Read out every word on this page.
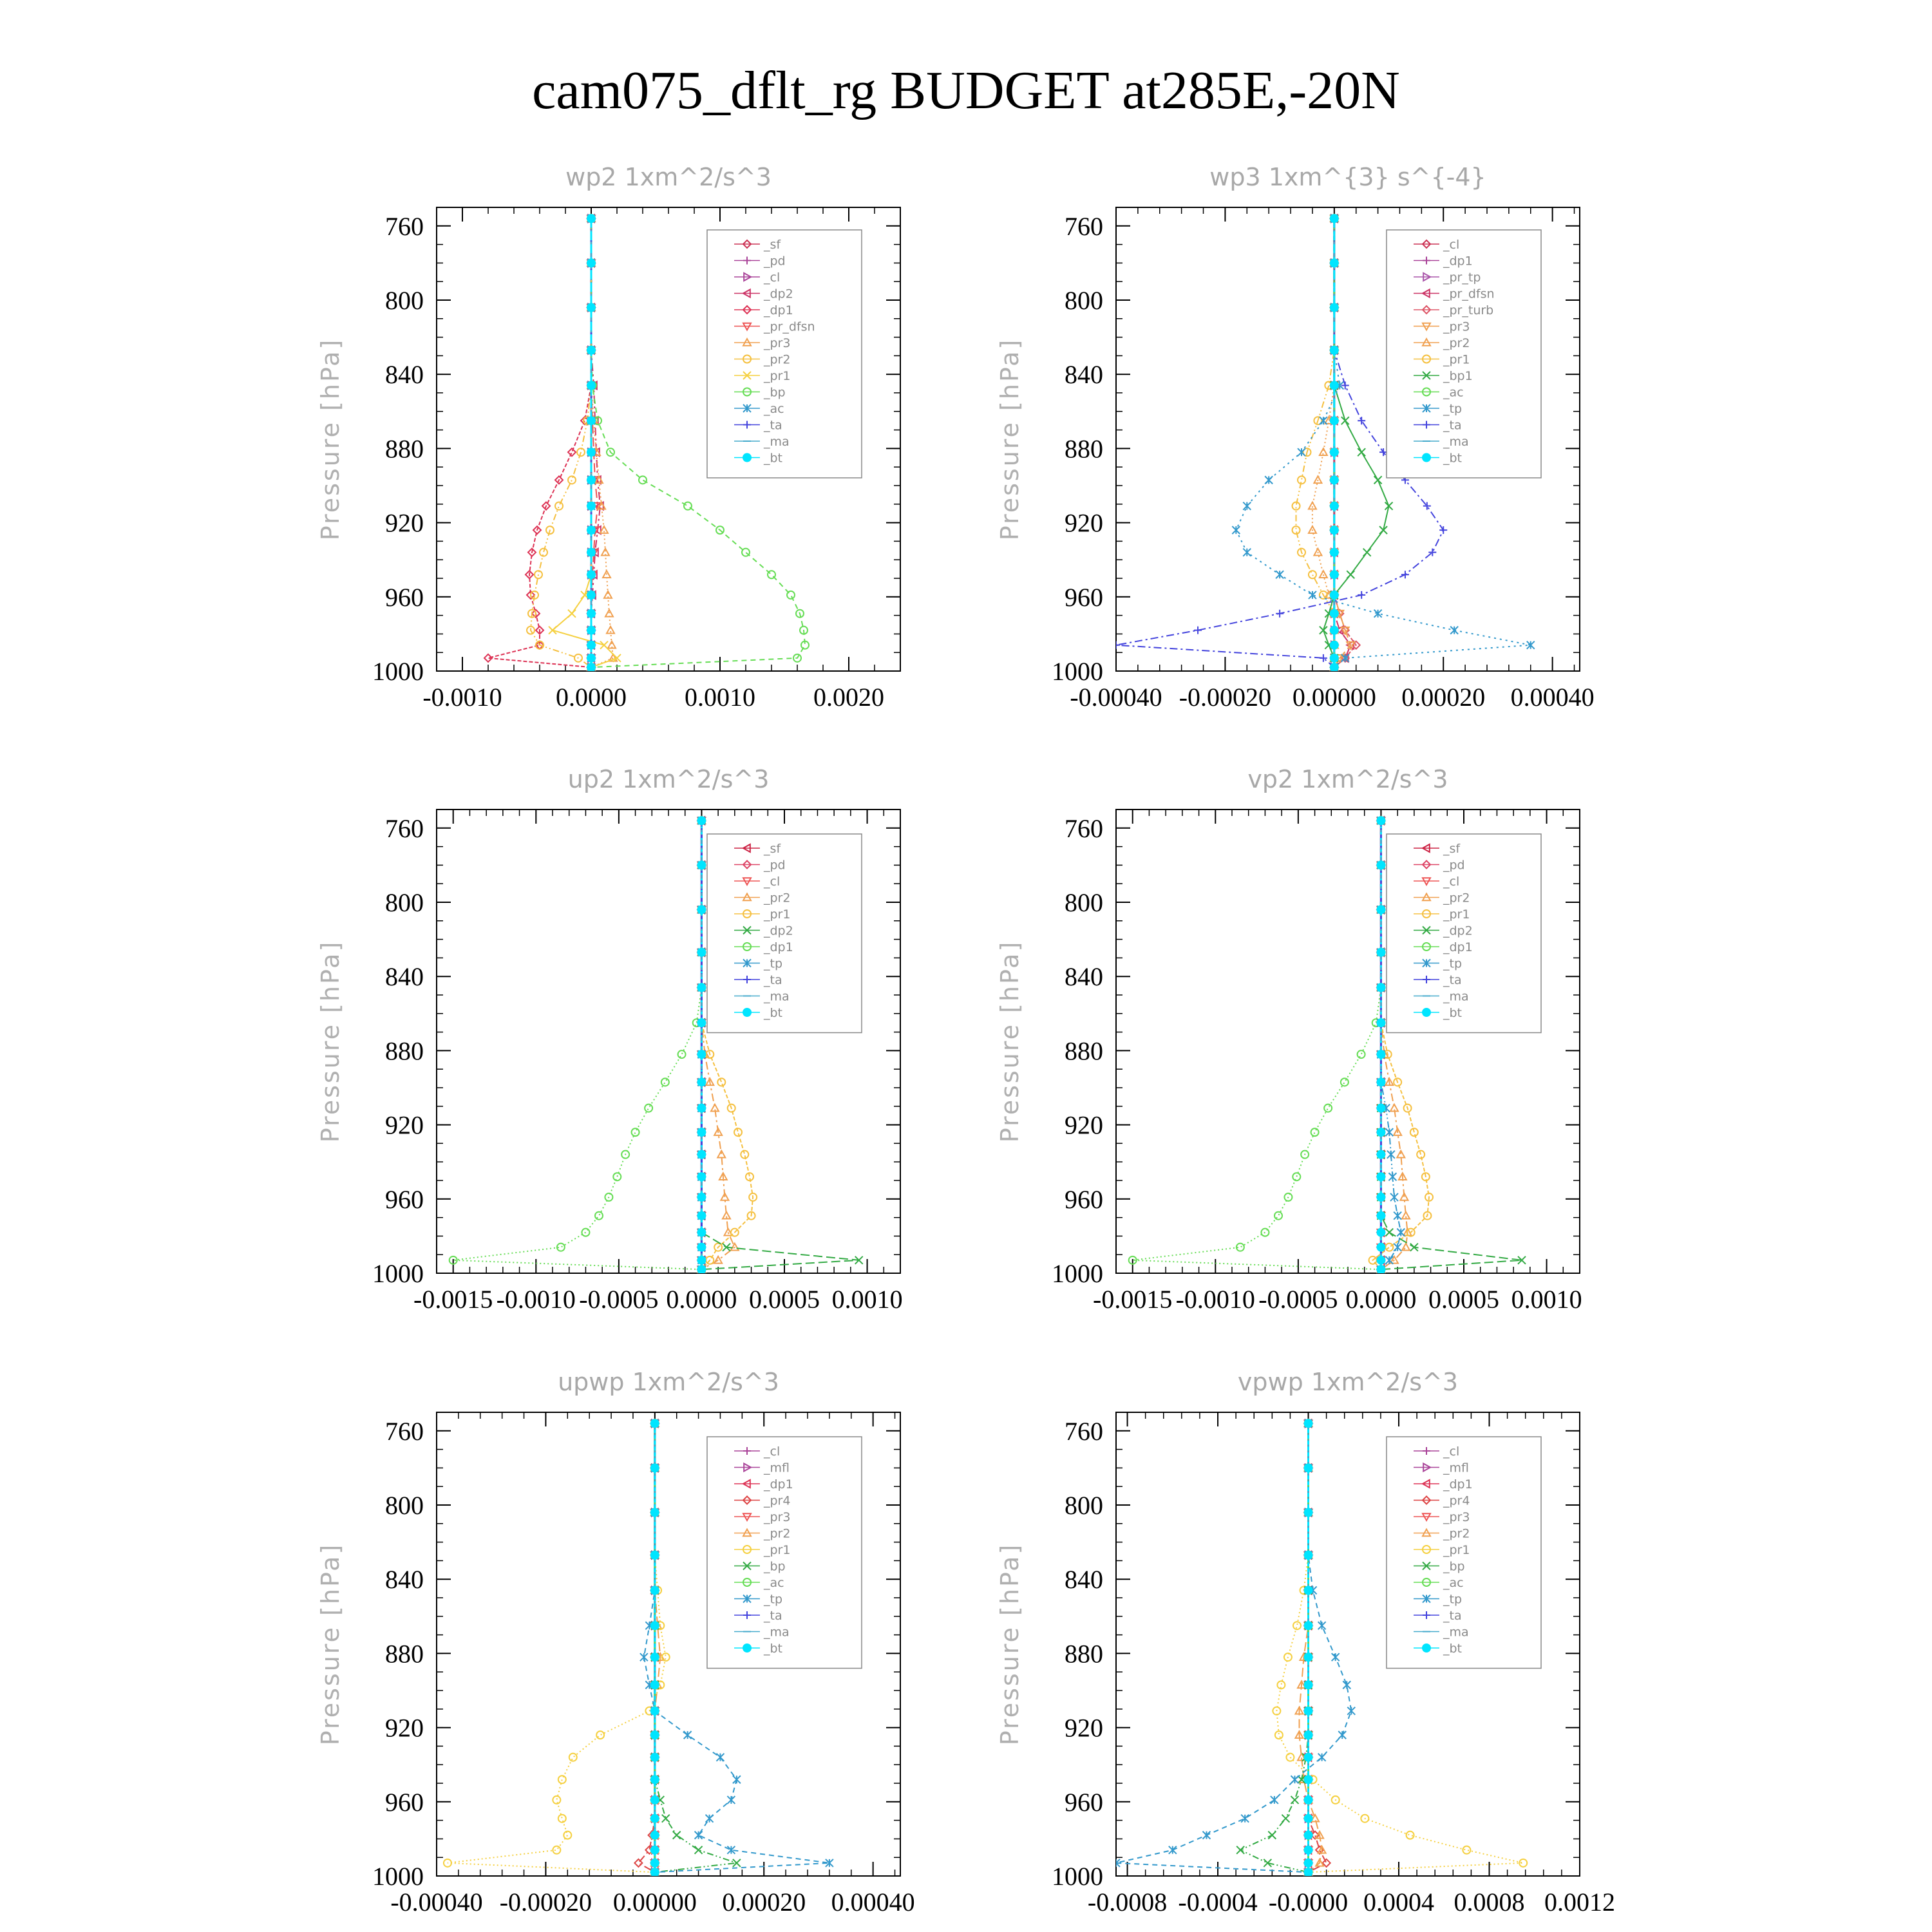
cam075_dflt_rg BUDGET at285E,-20N
wp2 1xm^2/s^3
Pressure [hPa]
760
800
840
880
920
960
1000
-0.0010 0.0000 0.0010 0.0020
_sf
_pd
_cl
_dp2
_dp1
_pr_dfsn
_pr3
_pr2
_pr1
_bp
_ac
_ta
_ma
_bt
wp3 1xm^{3} s^{-4}
Pressure [hPa]
760
800
840
880
920
960
1000
-0.00040 -0.00020 0.00000 0.00020 0.00040
_cl
_dp1
_pr_tp
_pr_dfsn
_pr_turb
_pr3
_pr2
_pr1
_bp1
_ac
_tp
_ta
_ma
_bt
up2 1xm^2/s^3
Pressure [hPa]
760
800
840
880
920
960
1000
-0.0015 -0.0010 -0.0005 0.0000 0.0005 0.0010
_sf
_pd
_cl
_pr2
_pr1
_dp2
_dp1
_tp
_ta
_ma
_bt
vp2 1xm^2/s^3
Pressure [hPa]
760
800
840
880
920
960
1000
-0.0015 -0.0010 -0.0005 0.0000 0.0005 0.0010
_sf
_pd
_cl
_pr2
_pr1
_dp2
_dp1
_tp
_ta
_ma
_bt
upwp 1xm^2/s^3
Pressure [hPa]
760
800
840
880
920
960
1000
-0.00040 -0.00020 0.00000 0.00020 0.00040
_cl
_mfl
_dp1
_pr4
_pr3
_pr2
_pr1
_bp
_ac
_tp
_ta
_ma
_bt
vpwp 1xm^2/s^3
Pressure [hPa]
760
800
840
880
920
960
1000
-0.0008 -0.0004 -0.0000 0.0004 0.0008 0.0012
_cl
_mfl
_dp1
_pr4
_pr3
_pr2
_pr1
_bp
_ac
_tp
_ta
_ma
_bt
